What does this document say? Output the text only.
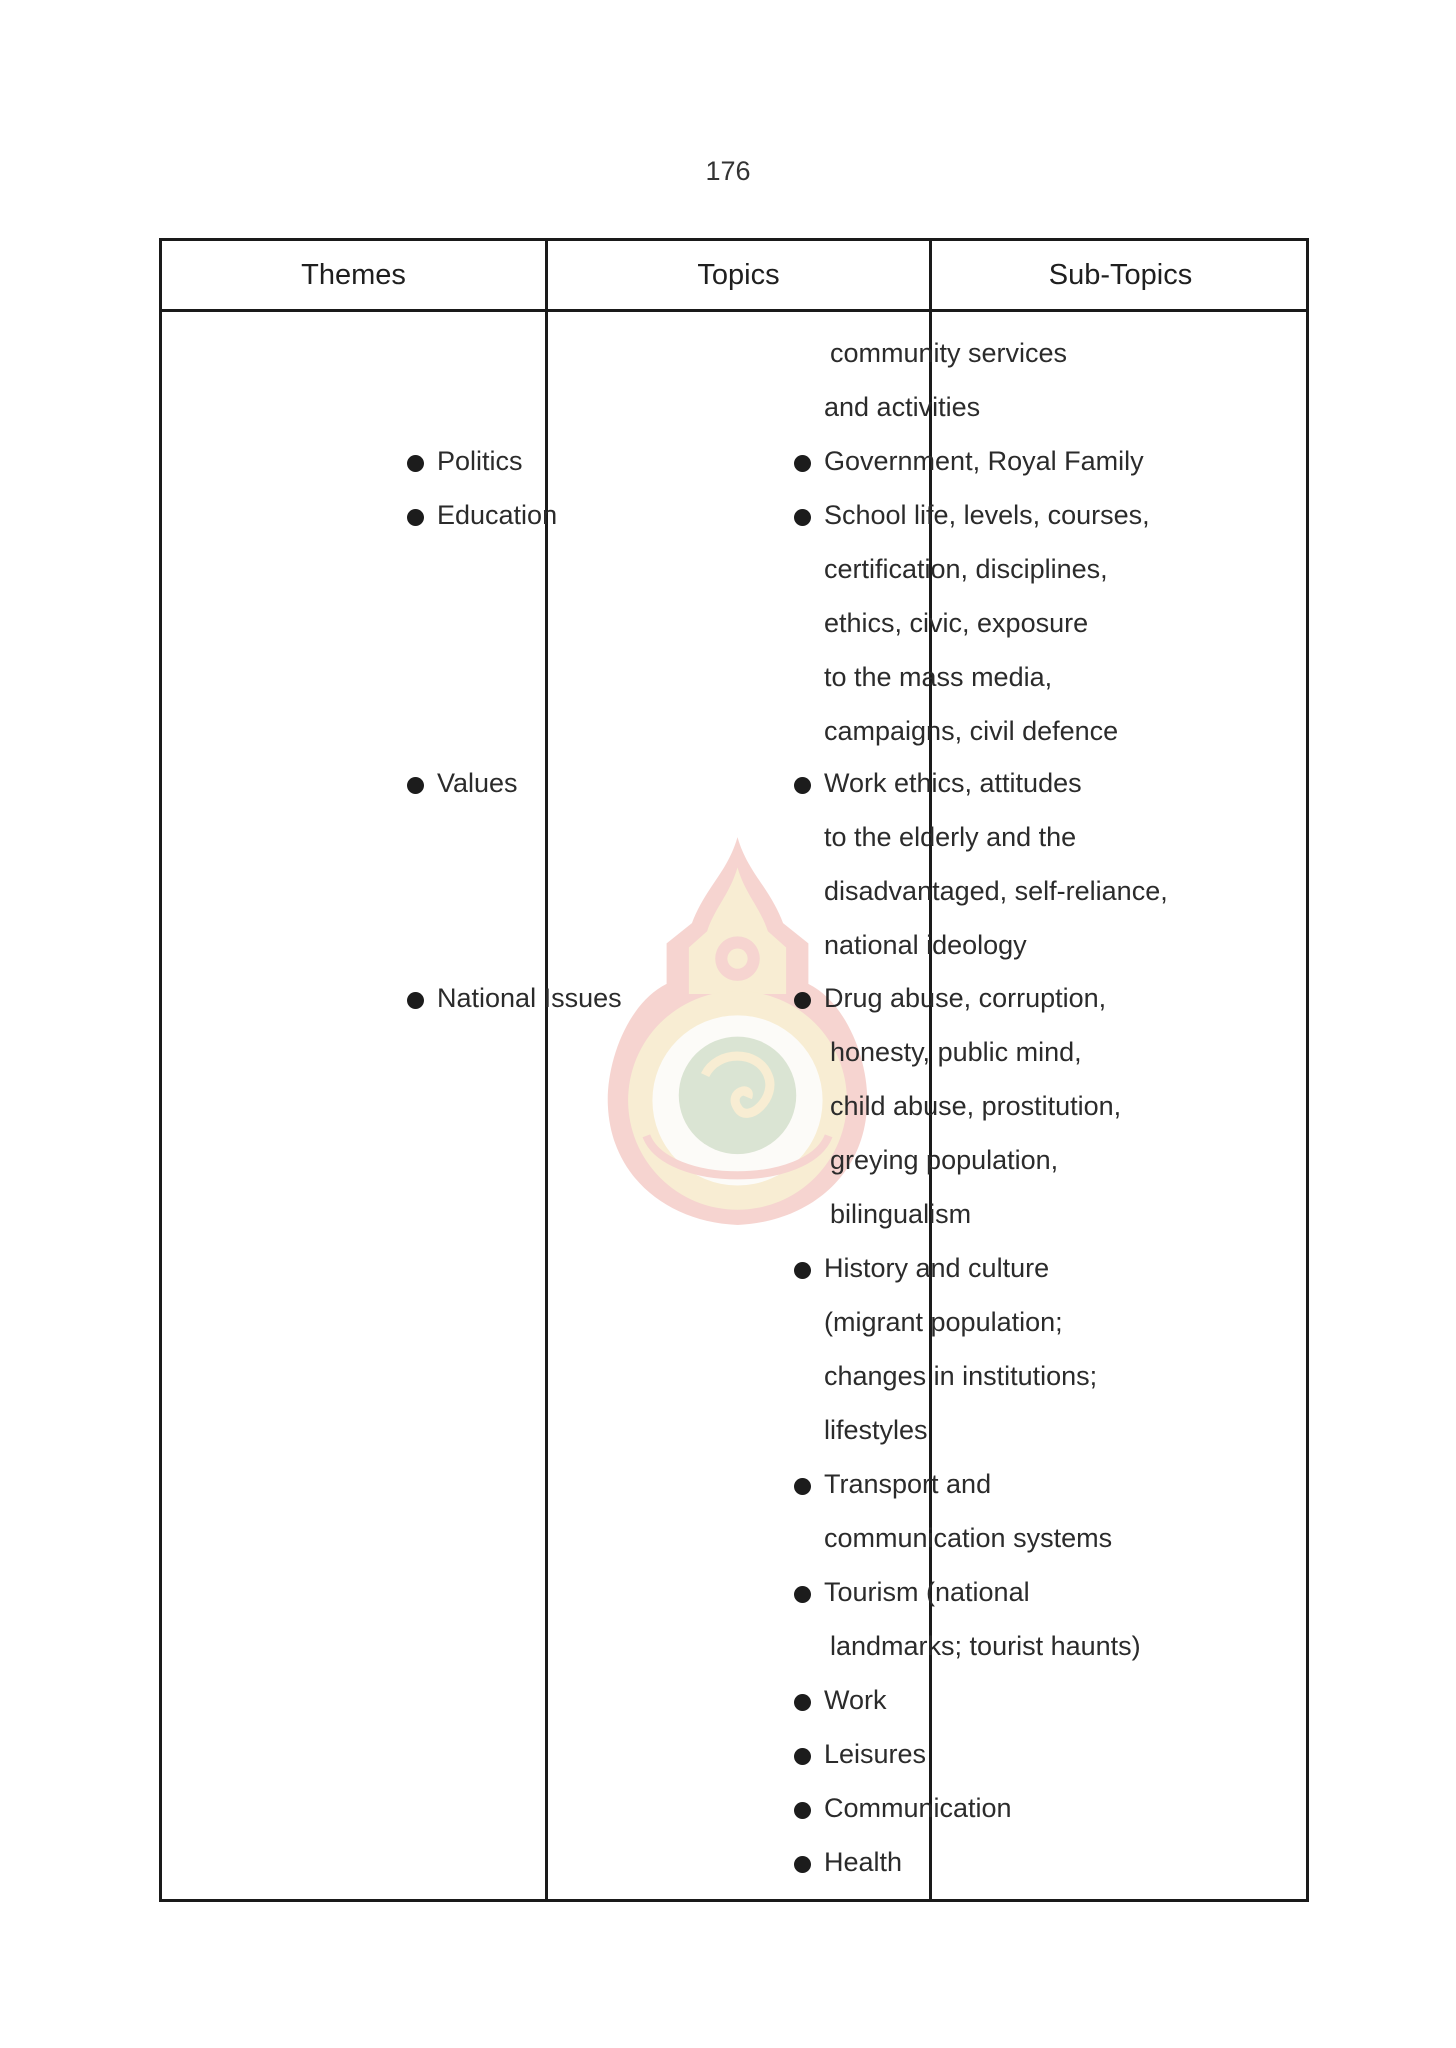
176
Themes	Topics	Sub-Topics
Politics
Education
Values
National Issues
community services
and activities
Government, Royal Family
School life, levels, courses,
certification, disciplines,
ethics, civic, exposure
to the mass media,
campaigns, civil defence
Work ethics, attitudes
to the elderly and the
disadvantaged, self-reliance,
national ideology
Drug abuse, corruption,
honesty, public mind,
child abuse, prostitution,
greying population,
bilingualism
History and culture
(migrant population;
changes in institutions;
lifestyles
Transport and
communication systems
Tourism (national
landmarks; tourist haunts)
Work
Leisures
Communication
Health
